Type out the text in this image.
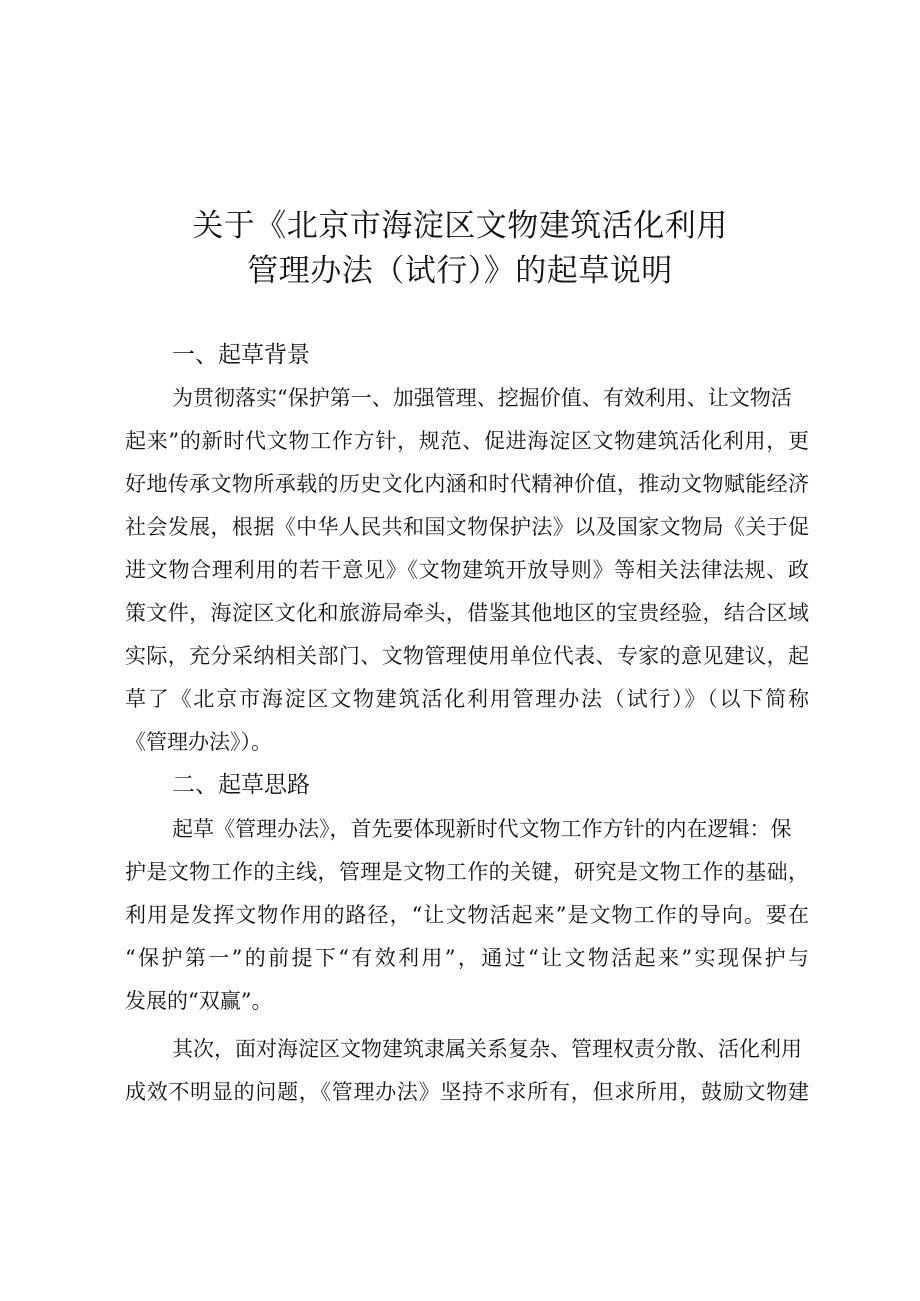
关于《北京市海淀区文物建筑活化利用
管理办法（试行）》的起草说明
一、起草背景
为贯彻落实“保护第一、加强管理、挖掘价值、有效利用、让文物活
起来”的新时代文物工作方针，规范、促进海淀区文物建筑活化利用，更
好地传承文物所承载的历史文化内涵和时代精神价值，推动文物赋能经济
社会发展，根据《中华人民共和国文物保护法》以及国家文物局《关于促
进文物合理利用的若干意见》《文物建筑开放导则》等相关法律法规、政
策文件，海淀区文化和旅游局牵头，借鉴其他地区的宝贵经验，结合区域
实际，充分采纳相关部门、文物管理使用单位代表、专家的意见建议，起
草了《北京市海淀区文物建筑活化利用管理办法（试行）》（以下简称
《管理办法》）。
二、起草思路
起草《管理办法》，首先要体现新时代文物工作方针的内在逻辑：保
护是文物工作的主线，管理是文物工作的关键，研究是文物工作的基础，
利用是发挥文物作用的路径，“让文物活起来”是文物工作的导向。要在
“保护第一”的前提下“有效利用”，通过“让文物活起来”实现保护与
发展的“双赢”。
其次，面对海淀区文物建筑隶属关系复杂、管理权责分散、活化利用
成效不明显的问题，《管理办法》坚持不求所有，但求所用，鼓励文物建
